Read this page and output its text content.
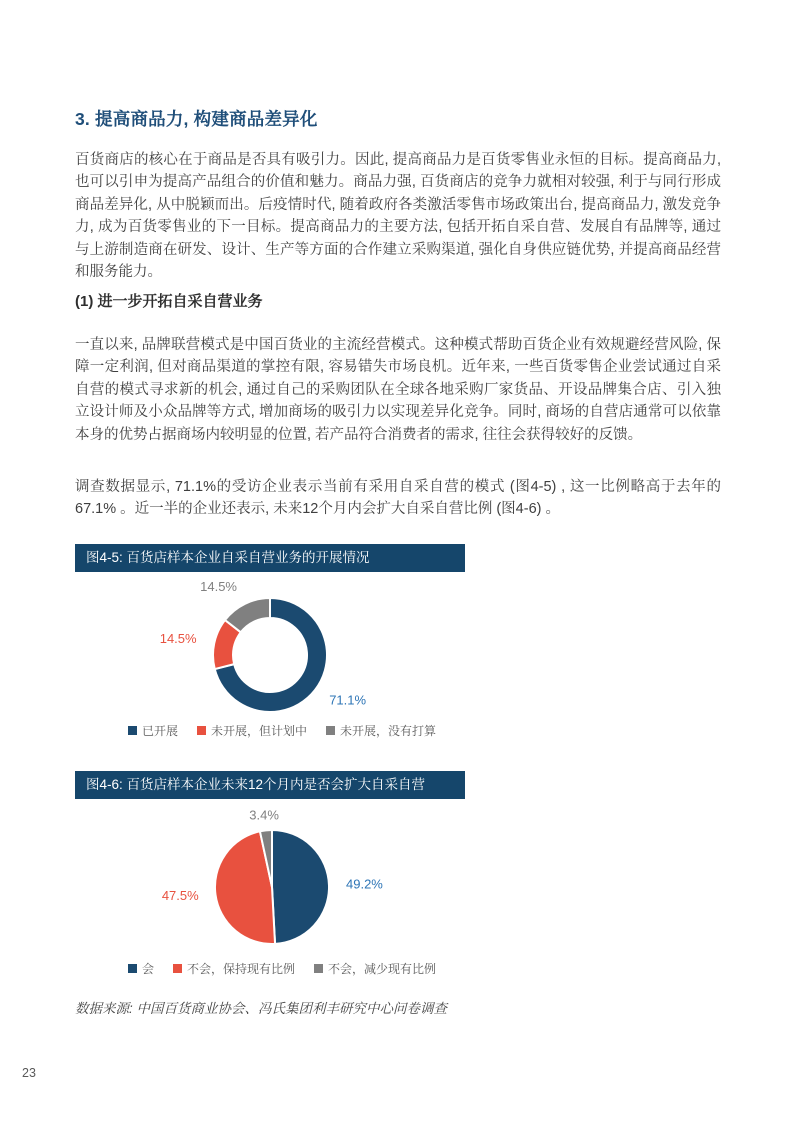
3. 提高商品力, 构建商品差异化

百货商店的核心在于商品是否具有吸引力。因此, 提高商品力是百货零售业永恒的目标。提高商品力, 也可以引申为提高产品组合的价值和魅力。商品力强, 百货商店的竞争力就相对较强, 利于与同行形成商品差异化, 从中脱颖而出。后疫情时代, 随着政府各类激活零售市场政策出台, 提高商品力, 激发竞争力, 成为百货零售业的下一目标。提高商品力的主要方法, 包括开拓自采自营、发展自有品牌等, 通过与上游制造商在研发、设计、生产等方面的合作建立采购渠道, 强化自身供应链优势, 并提高商品经营和服务能力。

(1) 进一步开拓自采自营业务

一直以来, 品牌联营模式是中国百货业的主流经营模式。这种模式帮助百货企业有效规避经营风险, 保障一定利润, 但对商品渠道的掌控有限, 容易错失市场良机。近年来, 一些百货零售企业尝试通过自采自营的模式寻求新的机会, 通过自己的采购团队在全球各地采购厂家货品、开设品牌集合店、引入独立设计师及小众品牌等方式, 增加商场的吸引力以实现差异化竞争。同时, 商场的自营店通常可以依靠本身的优势占据商场内较明显的位置, 若产品符合消费者的需求, 往往会获得较好的反馈。

调查数据显示, 71.1%的受访企业表示当前有采用自采自营的模式 (图4-5) , 这一比例略高于去年的67.1% 。近一半的企业还表示, 未来12个月内会扩大自采自营比例 (图4-6) 。

图4-5: 百货店样本企业自采自营业务的开展情况
71.1%
14.5%
14.5%
已开展	未开展，但计划中	未开展，没有打算
图4-6: 百货店样本企业未来12个月内是否会扩大自采自营
49.2%
47.5%
3.4%
会	不会，保持现有比例	不会，减少现有比例

数据来源: 中国百货商业协会、冯氏集团利丰研究中心问卷调查

23
